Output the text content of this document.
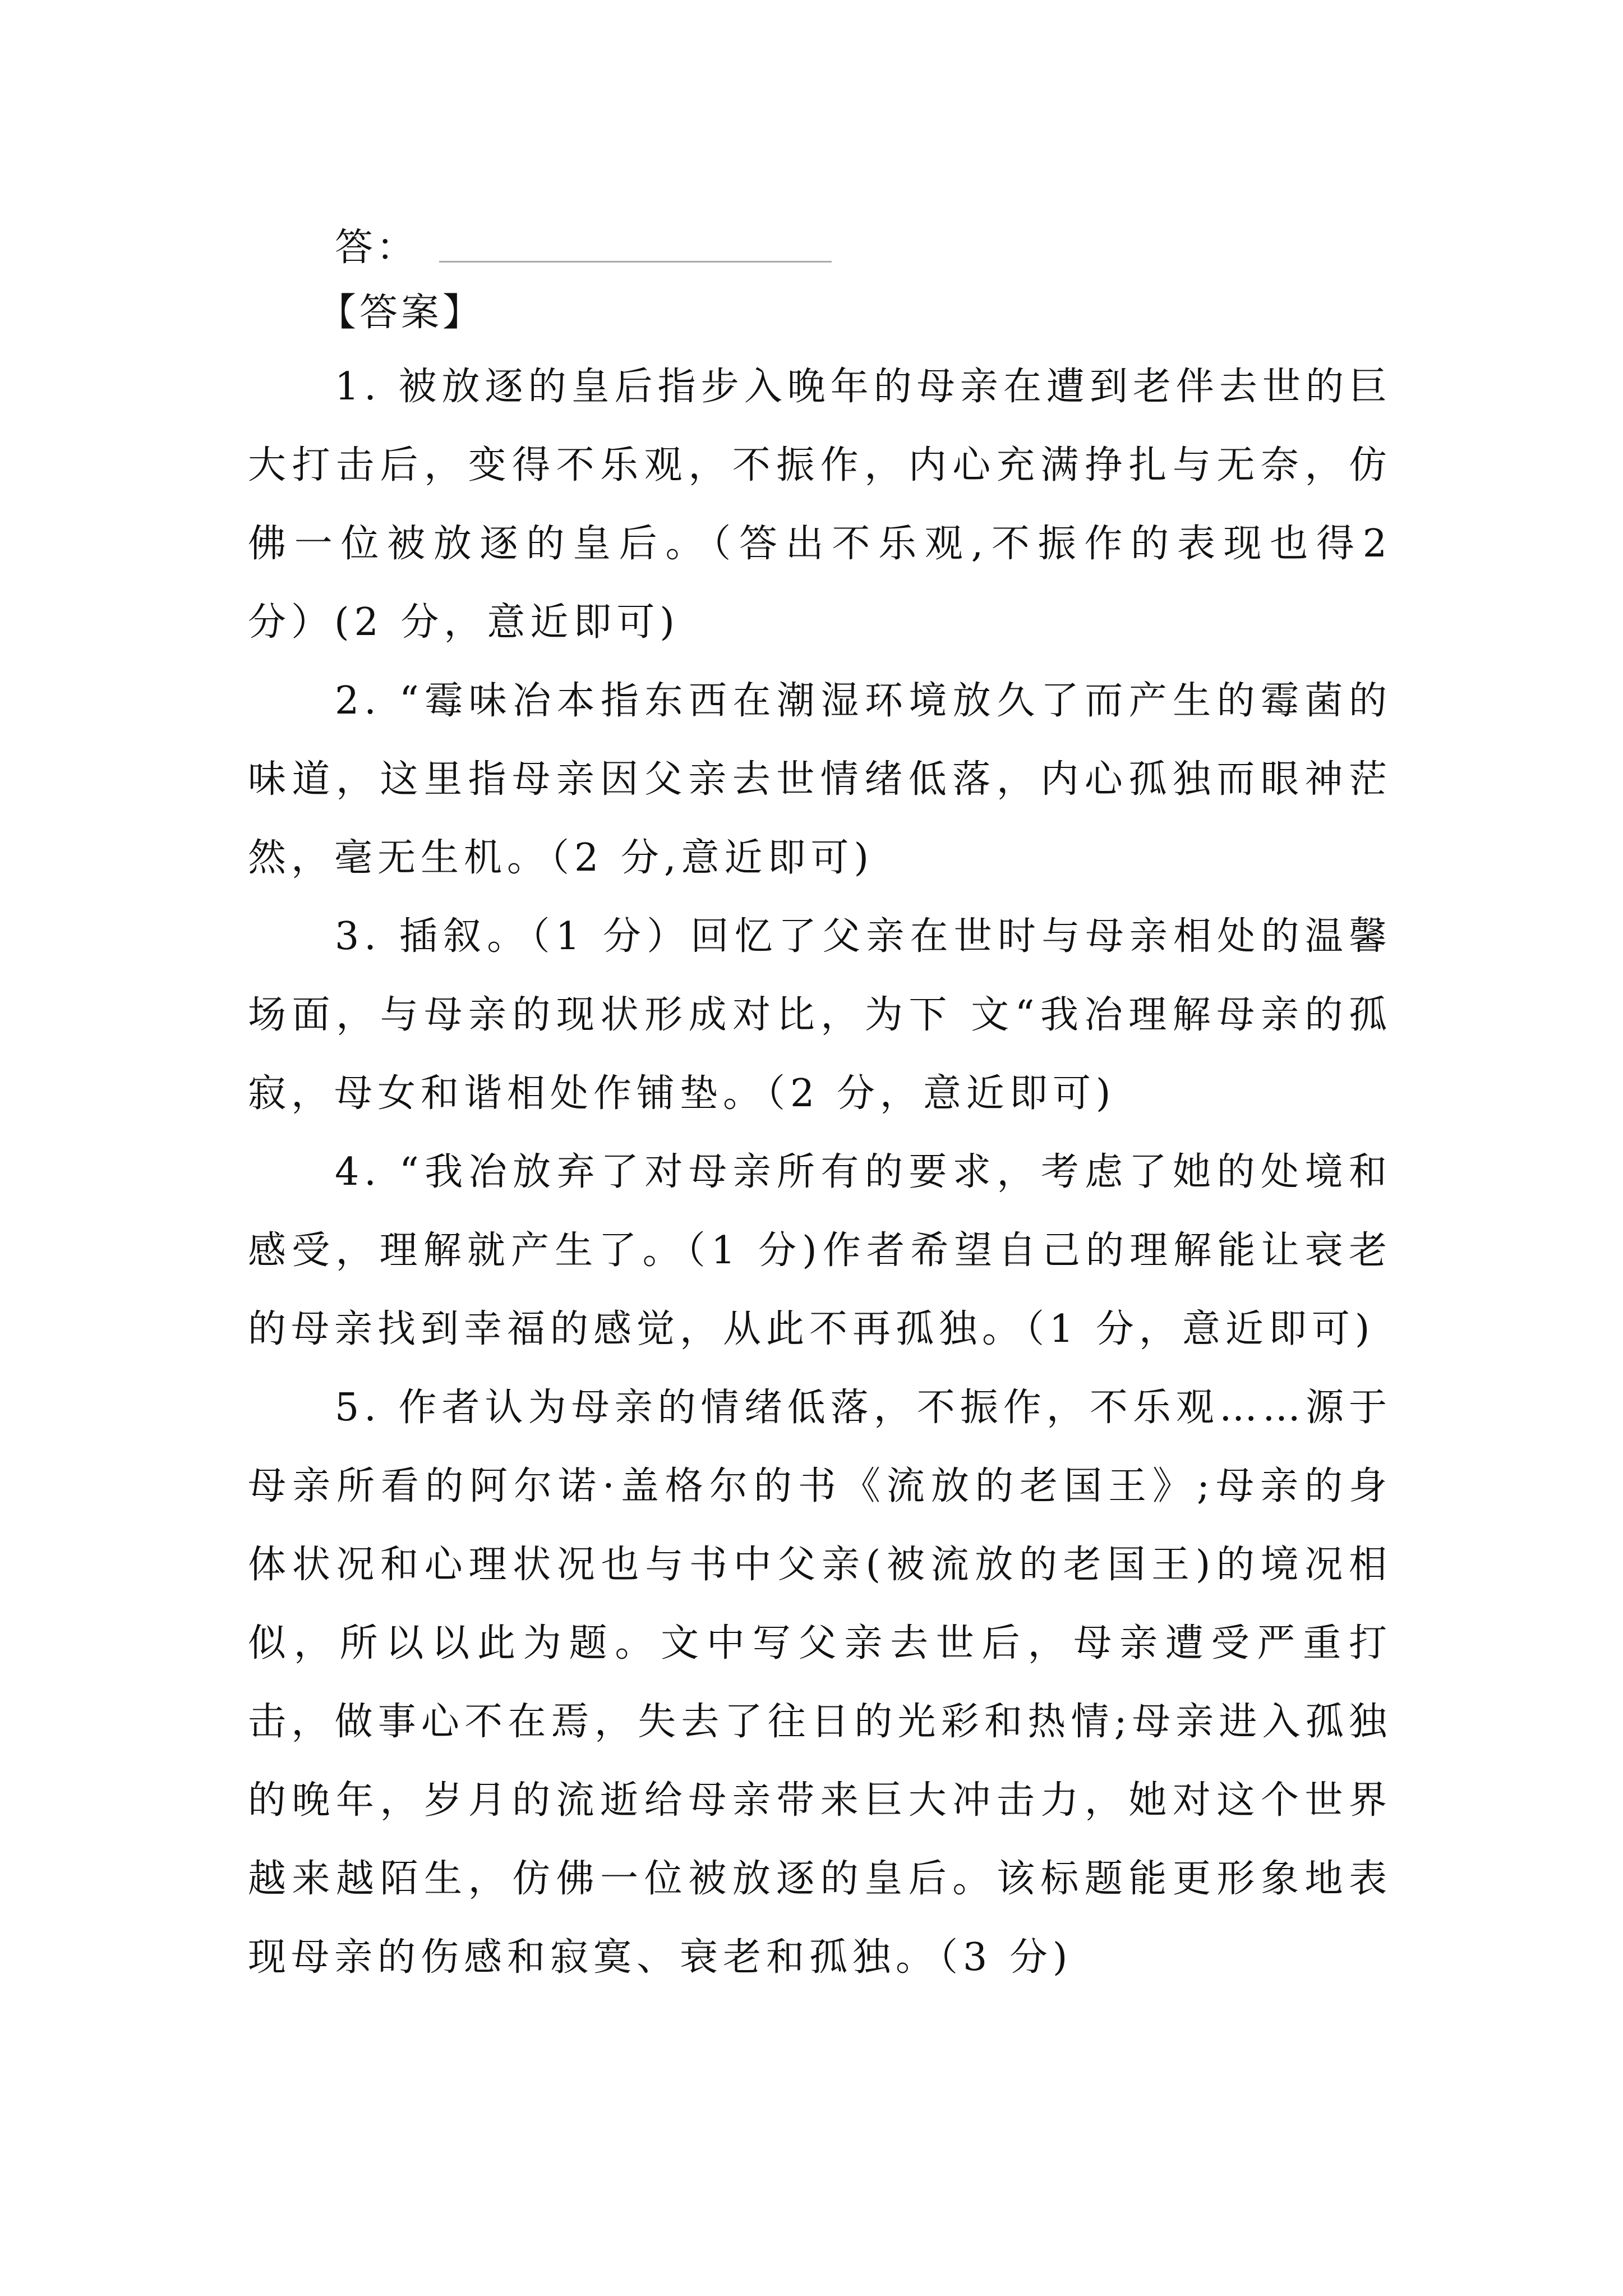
答：
【答案】

1. 被放逐的皇后指步入晚年的母亲在遭到老伴去世的巨大打击后，变得不乐观，不振作，内心充满挣扎与无奈，仿佛一位被放逐的皇后。（答出不乐观,不振作的表现也得2 分）(2 分，意近即可)

2. “霉味冶本指东西在潮湿环境放久了而产生的霉菌的味道，这里指母亲因父亲去世情绪低落，内心孤独而眼神茫然，毫无生机。（2 分,意近即可)

3. 插叙。（1 分）回忆了父亲在世时与母亲相处的温馨场面，与母亲的现状形成对比，为下 文“我冶理解母亲的孤寂，母女和谐相处作铺垫。（2 分，意近即可)

4. “我冶放弃了对母亲所有的要求，考虑了她的处境和感受，理解就产生了。（1 分)作者希望自己的理解能让衰老的母亲找到幸福的感觉，从此不再孤独。（1 分，意近即可)

5. 作者认为母亲的情绪低落，不振作，不乐观……源于母亲所看的阿尔诺·盖格尔的书《流放的老国王》;母亲的身体状况和心理状况也与书中父亲(被流放的老国王)的境况相似，所以以此为题。文中写父亲去世后，母亲遭受严重打击，做事心不在焉，失去了往日的光彩和热情;母亲进入孤独的晚年，岁月的流逝给母亲带来巨大冲击力，她对这个世界越来越陌生，仿佛一位被放逐的皇后。该标题能更形象地表现母亲的伤感和寂寞、衰老和孤独。（3 分)
